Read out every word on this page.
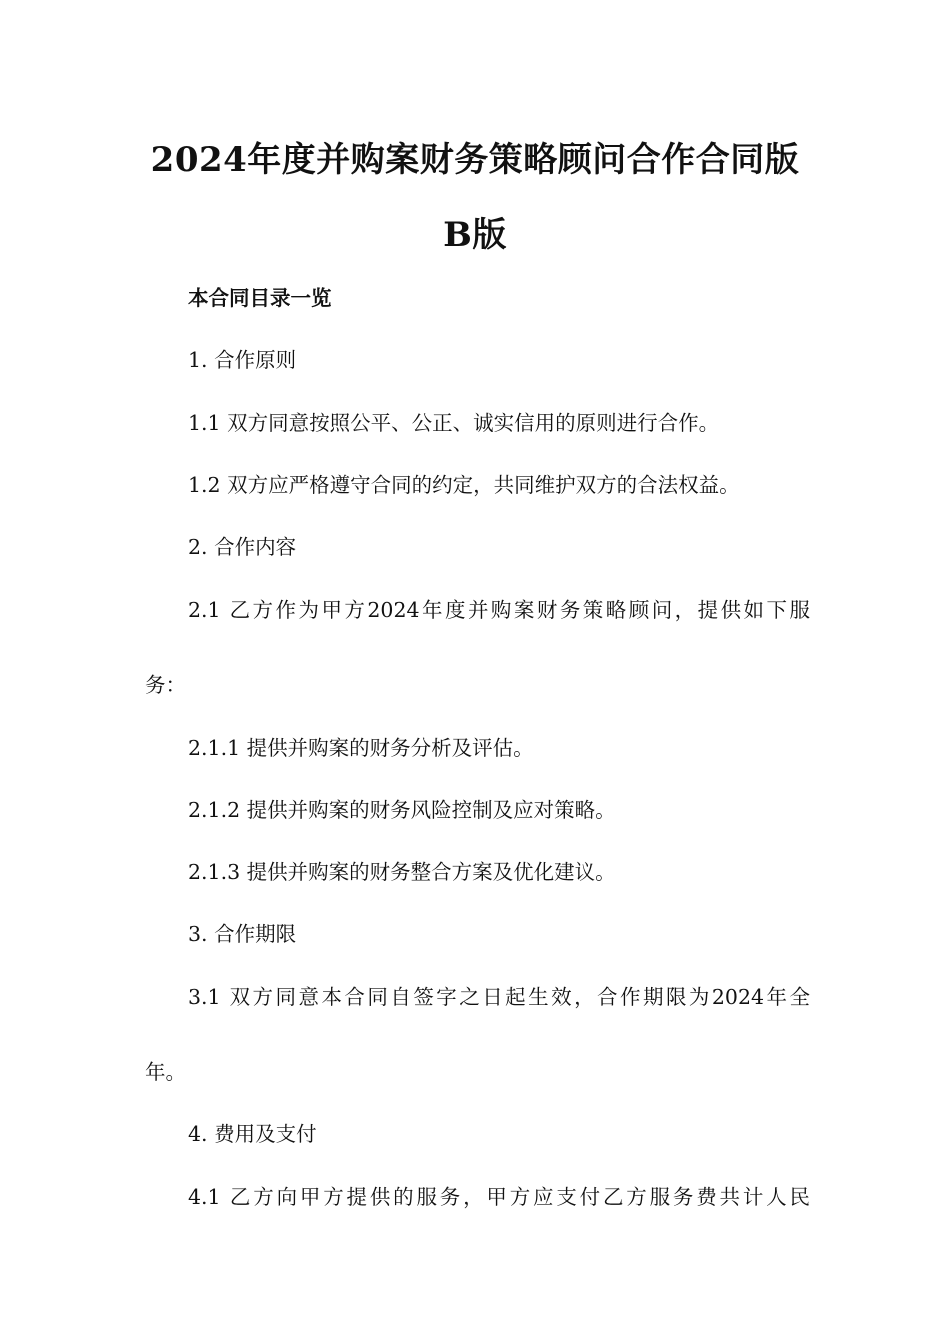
2024年度并购案财务策略顾问合作合同版
B版
本合同目录一览
1. 合作原则
1.1 双方同意按照公平、公正、诚实信用的原则进行合作。
1.2 双方应严格遵守合同的约定，共同维护双方的合法权益。
2. 合作内容
2.1 乙方作为甲方2024年度并购案财务策略顾问，提供如下服
务：
2.1.1 提供并购案的财务分析及评估。
2.1.2 提供并购案的财务风险控制及应对策略。
2.1.3 提供并购案的财务整合方案及优化建议。
3. 合作期限
3.1 双方同意本合同自签字之日起生效，合作期限为2024年全
年。
4. 费用及支付
4.1 乙方向甲方提供的服务，甲方应支付乙方服务费共计人民
